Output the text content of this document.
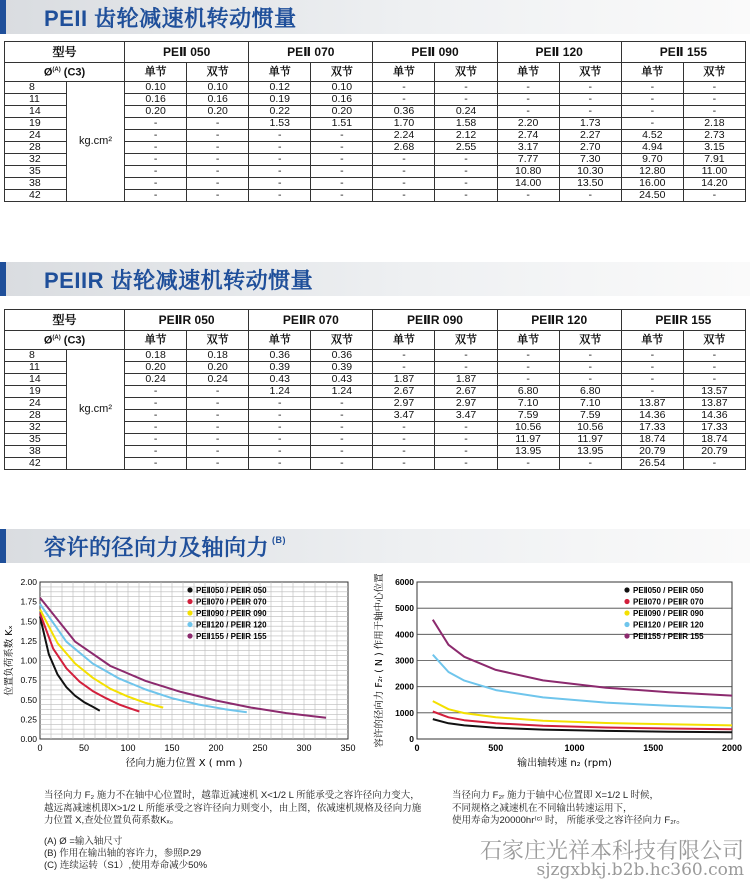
PEII 齿轮减速机转动惯量
型号		PEⅡ 050		PEⅡ 070		PEⅡ 090		PEⅡ 120		PEⅡ 155	
$Ø^{(A)}$ (C3)		单节	双节	单节	双节	单节	双节	单节	双节	单节	双节
8	kg.cm²	0.10	0.10	0.12	0.10	-	-	-	-	-	-
11		0.16	0.16	0.19	0.16	-	-	-	-	-	-
14		0.20	0.20	0.22	0.20	0.36	0.24	-	-	-	-
19		-	-	1.53	1.51	1.70	1.58	2.20	1.73	-	2.18
24		-	-	-	-	2.24	2.12	2.74	2.27	4.52	2.73
28		-	-	-	-	2.68	2.55	3.17	2.70	4.94	3.15
32		-	-	-	-	-	-	7.77	7.30	9.70	7.91
35		-	-	-	-	-	-	10.80	10.30	12.80	11.00
38		-	-	-	-	-	-	14.00	13.50	16.00	14.20
42		-	-	-	-	-	-	-	-	24.50	-
PEIIR 齿轮减速机转动惯量
型号		PEⅡR 050		PEⅡR 070		PEⅡR 090		PEⅡR 120		PEⅡR 155	
$Ø^{(A)}$ (C3)		单节	双节	单节	双节	单节	双节	单节	双节	单节	双节
8	kg.cm²	0.18	0.18	0.36	0.36	-	-	-	-	-	-
11		0.20	0.20	0.39	0.39	-	-	-	-	-	-
14		0.24	0.24	0.43	0.43	1.87	1.87	-	-	-	-
19		-	-	1.24	1.24	2.67	2.67	6.80	6.80	-	13.57
24		-	-	-	-	2.97	2.97	7.10	7.10	13.87	13.87
28		-	-	-	-	3.47	3.47	7.59	7.59	14.36	14.36
32		-	-	-	-	-	-	10.56	10.56	17.33	17.33
35		-	-	-	-	-	-	11.97	11.97	18.74	18.74
38		-	-	-	-	-	-	13.95	13.95	20.79	20.79
42		-	-	-	-	-	-	-	-	26.54	-
容许的径向力及轴向力 $^{(B)}$
0	50	100	150	200	250	300	350
0.00
0.25
0.50
0.75
1.00
1.25
1.50
1.75
2.00
径向力施力位置 X ( mm )
位置负荷系数 Kₓ
PEⅡ050 / PEⅡR 050
PEⅡ070 / PEⅡR 070
PEⅡ090 / PEⅡR 090
PEⅡ120 / PEⅡR 120
PEⅡ155 / PEⅡR 155
0	500	1000	1500	2000
0
1000
2000
3000
4000
5000
6000
输出轴转速 n₂ (rpm)
容许的径向力 F₂ᵣ ( N ) 作用于轴中心位置	PEⅡ050 / PEⅡR 050
PEⅡ070 / PEⅡR 070
PEⅡ090 / PEⅡR 090
PEⅡ120 / PEⅡR 120
PEⅡ155 / PEⅡR 155
当径向力 F₂ 施力不在轴中心位置时，越靠近减速机 X<1/2 L 所能承受之容许径向力变大，
越远离减速机即X>1/2 L 所能承受之容许径向力则变小，由上图，依减速机规格及径向力施
力位置 X,查处位置负荷系数Kₓ。
当径向力 F₂ᵣ 施力于轴中心位置即 X=1/2 L 时候，
不同规格之减速机在不同输出转速运用下，
使用寿命为20000hr⁽ᶜ⁾ 时， 所能承受之容许径向力 F₂ᵣ。
(A) Ø =输入轴尺寸
(B) 作用在输出轴的容许力，参照P.29
(C) 连续运转（S1）,使用寿命减少50%
石家庄光祥本科技有限公司
sjzgxbkj.b2b.hc360.com
